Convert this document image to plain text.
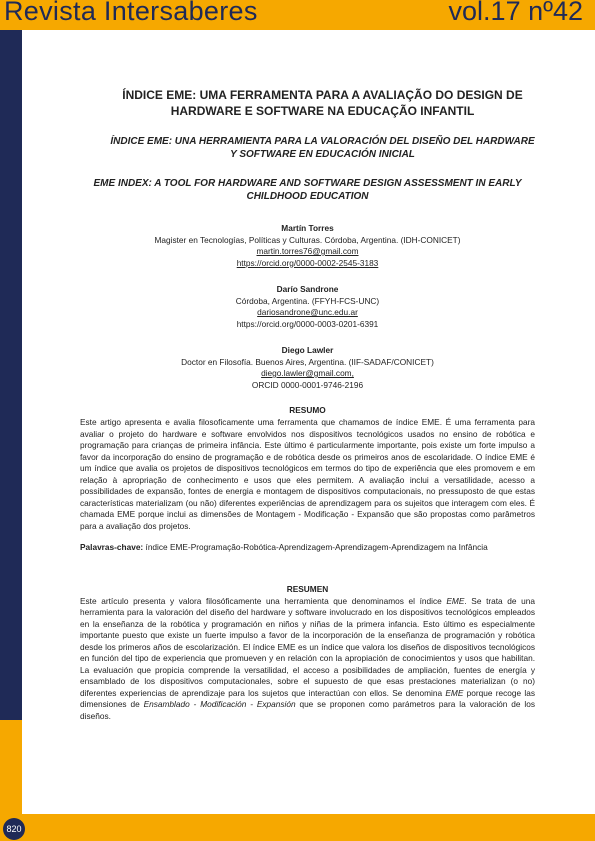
Revista Intersaberes	vol.17 nº42
820
ÍNDICE EME: UMA FERRAMENTA PARA A AVALIAÇÃO DO DESIGN DE HARDWARE E SOFTWARE NA EDUCAÇÃO INFANTIL
ÍNDICE EME: UNA HERRAMIENTA PARA LA VALORACIÓN DEL DISEÑO DEL HARDWARE Y SOFTWARE EN EDUCACIÓN INICIAL
EME INDEX: A TOOL FOR HARDWARE AND SOFTWARE DESIGN ASSESSMENT IN EARLY CHILDHOOD EDUCATION
Martín Torres
Magister en Tecnologías, Políticas y Culturas. Córdoba, Argentina. (IDH-CONICET)
martin.torres76@gmail.com
https://orcid.org/0000-0002-2545-3183
Darío Sandrone
Córdoba, Argentina. (FFYH-FCS-UNC)
dariosandrone@unc.edu.ar
https://orcid.org/0000-0003-0201-6391
Diego Lawler
Doctor en Filosofía. Buenos Aires, Argentina. (IIF-SADAF/CONICET)
diego.lawler@gmail.com,
ORCID 0000-0001-9746-2196
RESUMO
Este artigo apresenta e avalia filosoficamente uma ferramenta que chamamos de índice EME. É uma ferramenta para avaliar o projeto do hardware e software envolvidos nos dispositivos tecnológicos usados no ensino de robótica e programação para crianças de primeira infância. Este último é particularmente importante, pois existe um forte impulso a favor da incorporação do ensino de programação e de robótica desde os primeiros anos de escolaridade. O índice EME é um índice que avalia os projetos de dispositivos tecnológicos em termos do tipo de experiência que eles promovem e em relação à apropriação de conhecimento e usos que eles permitem. A avaliação inclui a versatilidade, acesso a possibilidades de expansão, fontes de energia e montagem de dispositivos computacionais, no pressuposto de que estas características materializam (ou não) diferentes experiências de aprendizagem para os sujeitos que interagem com eles. É chamada EME porque inclui as dimensões de Montagem - Modificação - Expansão que são propostas como parâmetros para a avaliação dos projetos.
Palavras-chave: índice EME-Programação-Robótica-Aprendizagem-Aprendizagem-Aprendizagem na Infância
RESUMEN
Este artículo presenta y valora filosóficamente una herramienta que denominamos el índice EME. Se trata de una herramienta para la valoración del diseño del hardware y software involucrado en los dispositivos tecnológicos empleados en la enseñanza de la robótica y programación en niños y niñas de la primera infancia. Esto último es especialmente importante puesto que existe un fuerte impulso a favor de la incorporación de la enseñanza de programación y robótica desde los primeros años de escolarización. El índice EME es un índice que valora los diseños de dispositivos tecnológicos en función del tipo de experiencia que promueven y en relación con la apropiación de conocimientos y usos que habilitan. La evaluación que propicia comprende la versatilidad, el acceso a posibilidades de ampliación, fuentes de energía y ensamblado de los dispositivos computacionales, sobre el supuesto de que esas prestaciones materializan (o no) diferentes experiencias de aprendizaje para los sujetos que interactúan con ellos. Se denomina EME porque recoge las dimensiones de Ensamblado - Modificación - Expansión que se proponen como parámetros para la valoración de los diseños.
